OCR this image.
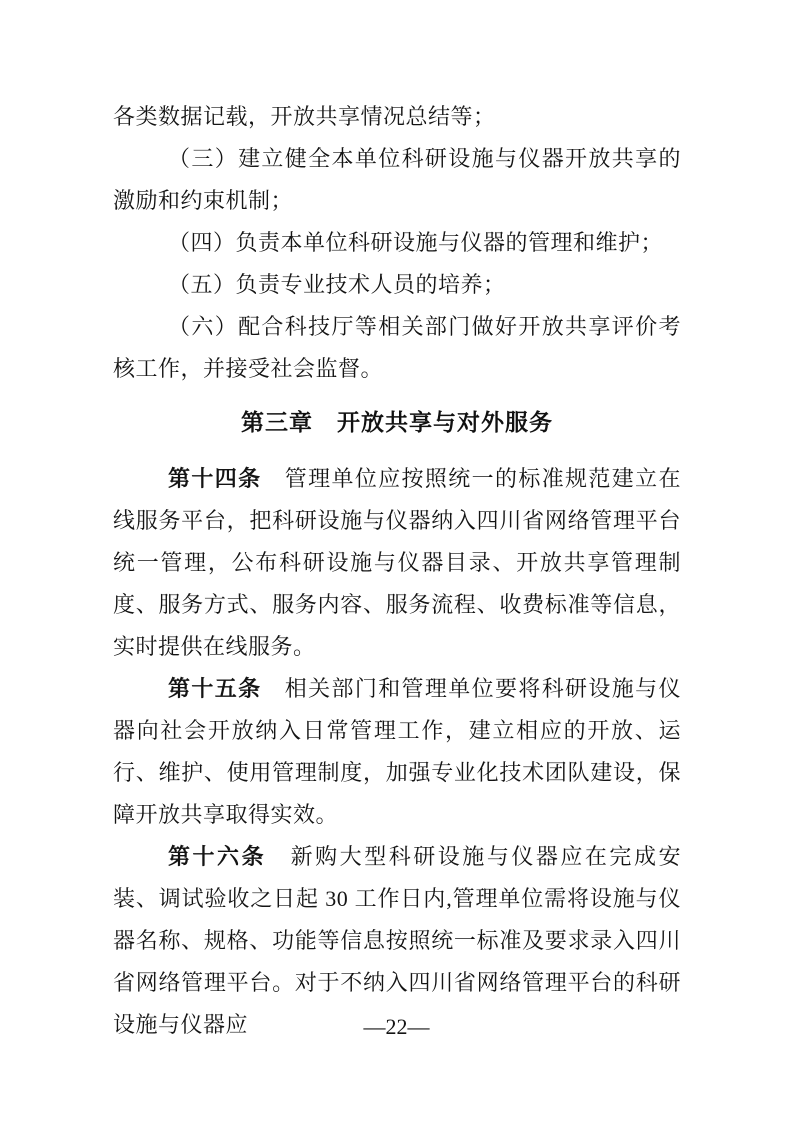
各类数据记载，开放共享情况总结等；

（三）建立健全本单位科研设施与仪器开放共享的激励和约束机制；

（四）负责本单位科研设施与仪器的管理和维护；

（五）负责专业技术人员的培养；

（六）配合科技厅等相关部门做好开放共享评价考核工作，并接受社会监督。

第三章　开放共享与对外服务

第十四条　管理单位应按照统一的标准规范建立在线服务平台，把科研设施与仪器纳入四川省网络管理平台统一管理，公布科研设施与仪器目录、开放共享管理制度、服务方式、服务内容、服务流程、收费标准等信息，实时提供在线服务。

第十五条　相关部门和管理单位要将科研设施与仪器向社会开放纳入日常管理工作，建立相应的开放、运行、维护、使用管理制度，加强专业化技术团队建设，保障开放共享取得实效。

第十六条　新购大型科研设施与仪器应在完成安装、调试验收之日起 30 工作日内,管理单位需将设施与仪器名称、规格、功能等信息按照统一标准及要求录入四川省网络管理平台。对于不纳入四川省网络管理平台的科研设施与仪器应	—22—
